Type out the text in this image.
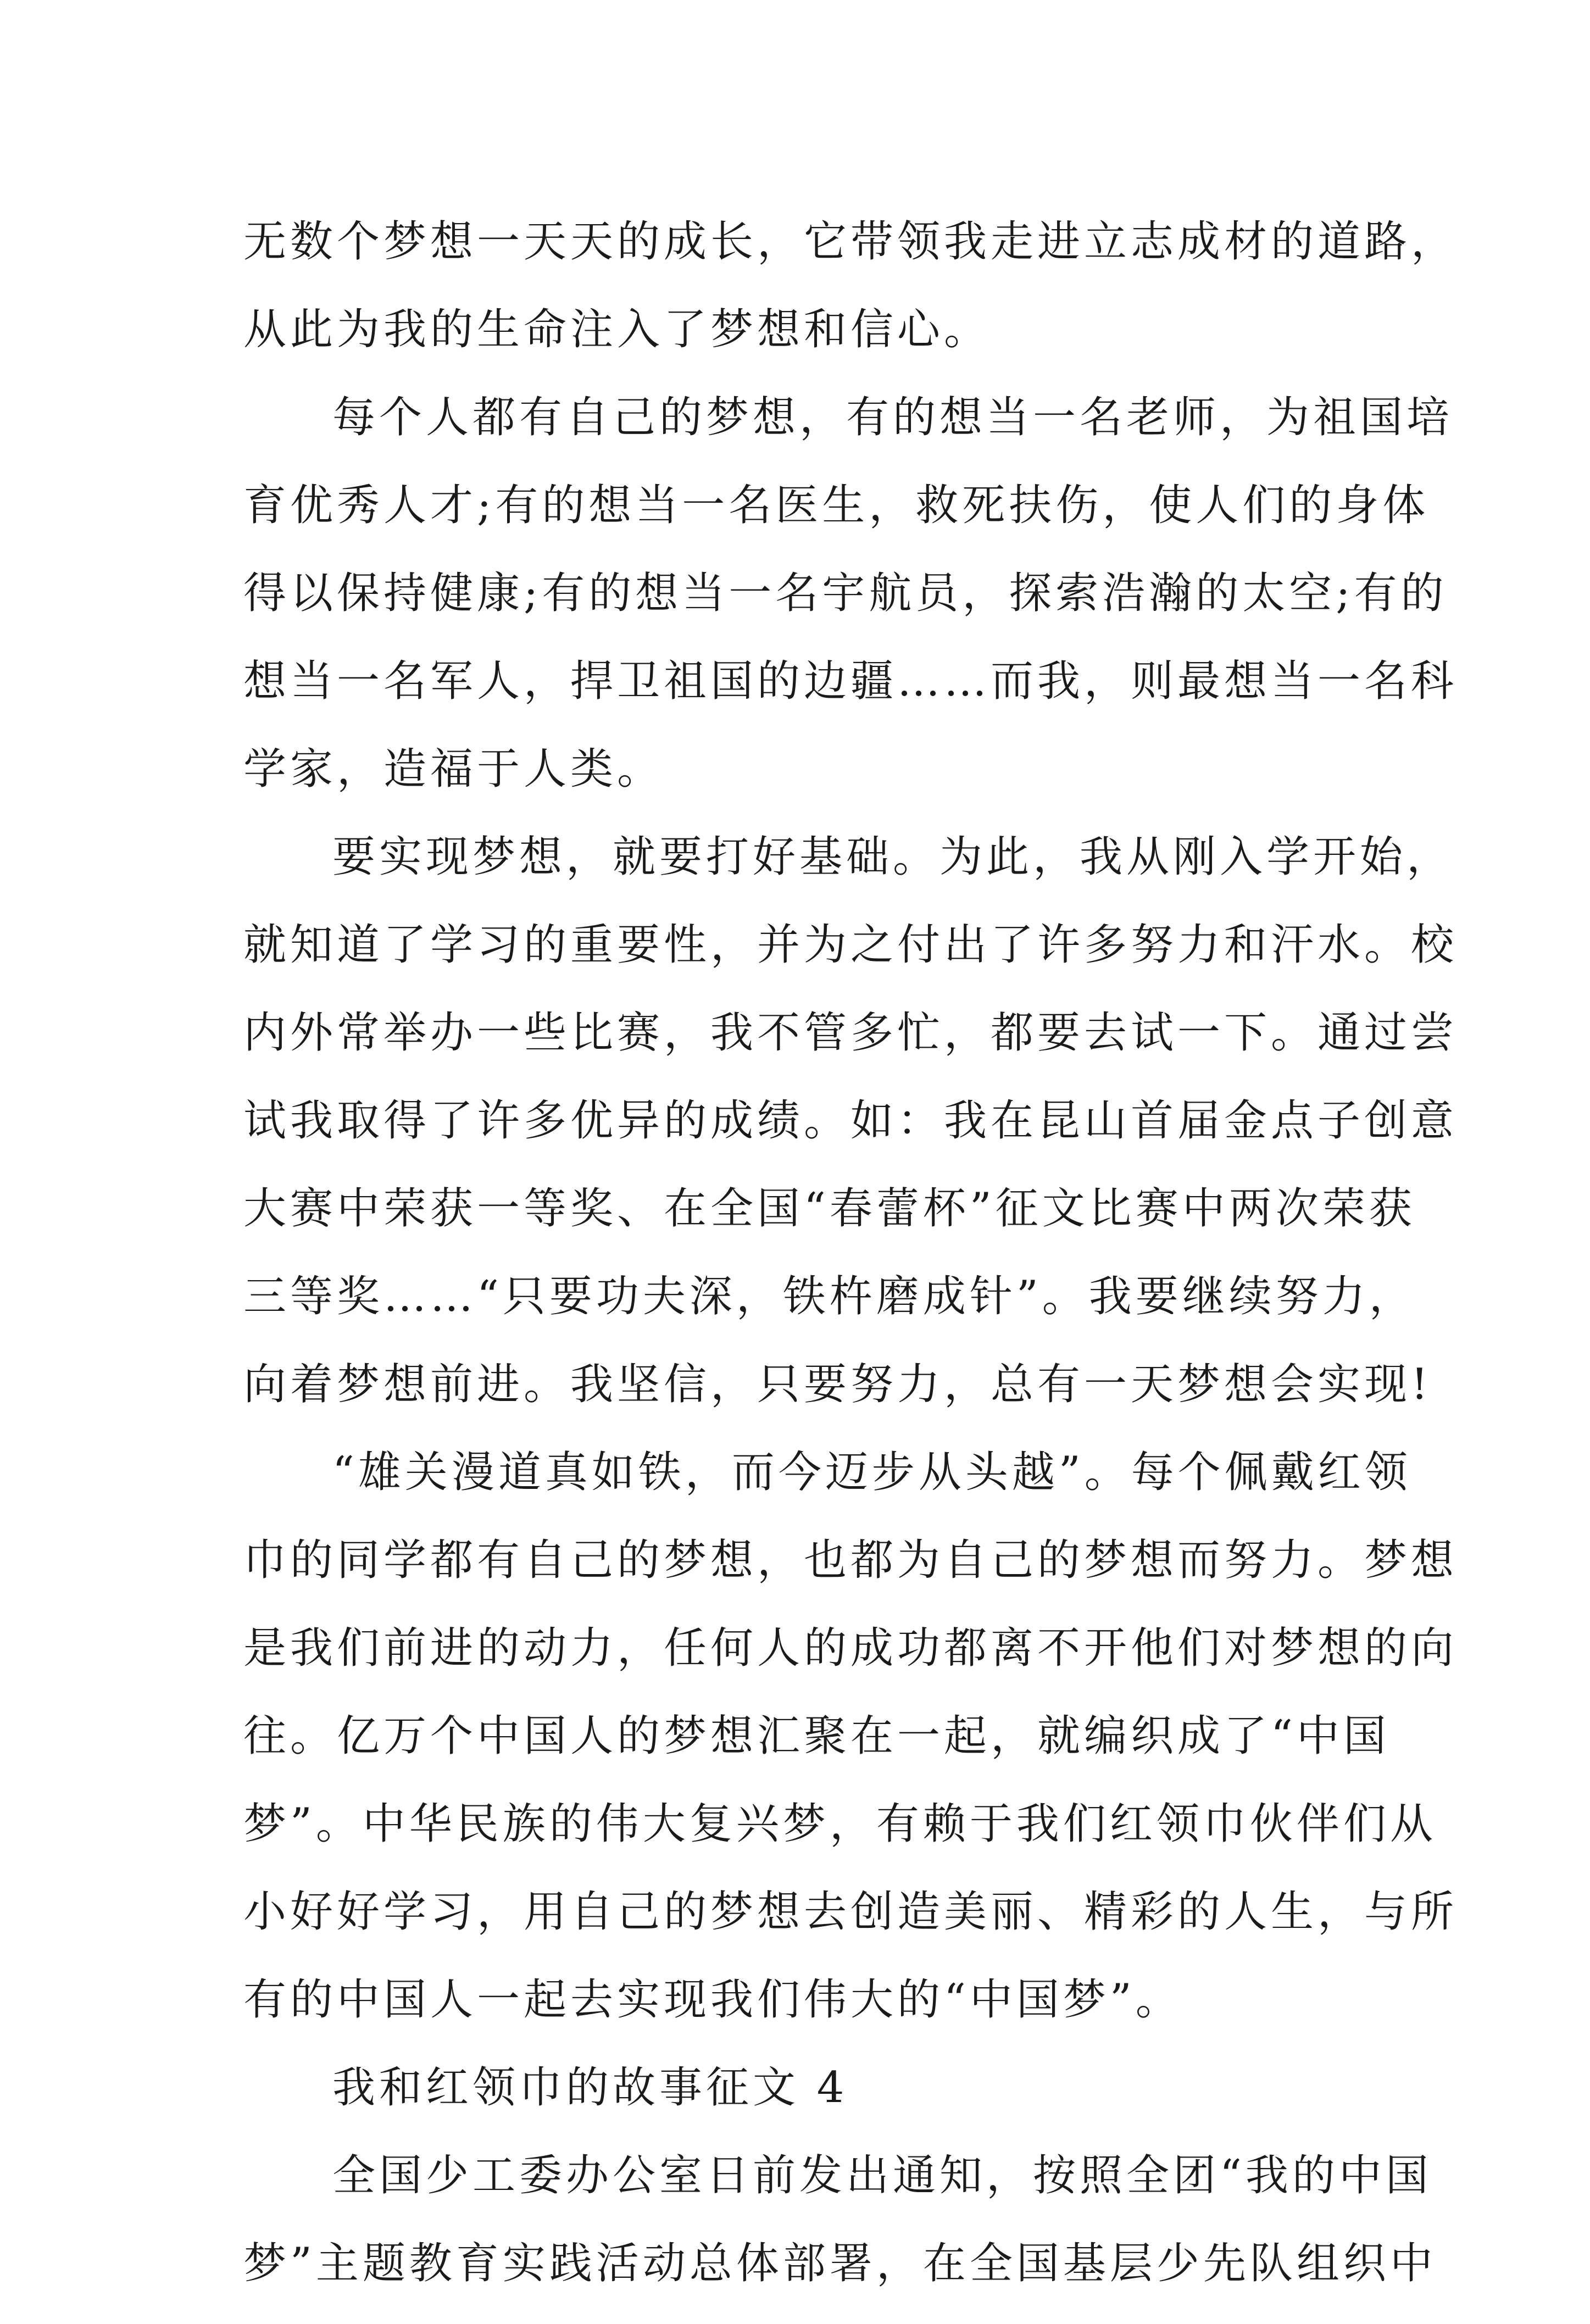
无数个梦想一天天的成长，它带领我走进立志成材的道路，
从此为我的生命注入了梦想和信心。
每个人都有自己的梦想，有的想当一名老师，为祖国培
育优秀人才;有的想当一名医生，救死扶伤，使人们的身体
得以保持健康;有的想当一名宇航员，探索浩瀚的太空;有的
想当一名军人，捍卫祖国的边疆……而我，则最想当一名科
学家，造福于人类。
要实现梦想，就要打好基础。为此，我从刚入学开始，
就知道了学习的重要性，并为之付出了许多努力和汗水。校
内外常举办一些比赛，我不管多忙，都要去试一下。通过尝
试我取得了许多优异的成绩。如：我在昆山首届金点子创意
大赛中荣获一等奖、在全国“春蕾杯”征文比赛中两次荣获
三等奖……“只要功夫深，铁杵磨成针”。我要继续努力，
向着梦想前进。我坚信，只要努力，总有一天梦想会实现!
“雄关漫道真如铁，而今迈步从头越”。每个佩戴红领
巾的同学都有自己的梦想，也都为自己的梦想而努力。梦想
是我们前进的动力，任何人的成功都离不开他们对梦想的向
往。亿万个中国人的梦想汇聚在一起，就编织成了“中国
梦”。中华民族的伟大复兴梦，有赖于我们红领巾伙伴们从
小好好学习，用自己的梦想去创造美丽、精彩的人生，与所
有的中国人一起去实现我们伟大的“中国梦”。
我和红领巾的故事征文 4
全国少工委办公室日前发出通知，按照全团“我的中国
梦”主题教育实践活动总体部署，在全国基层少先队组织中
